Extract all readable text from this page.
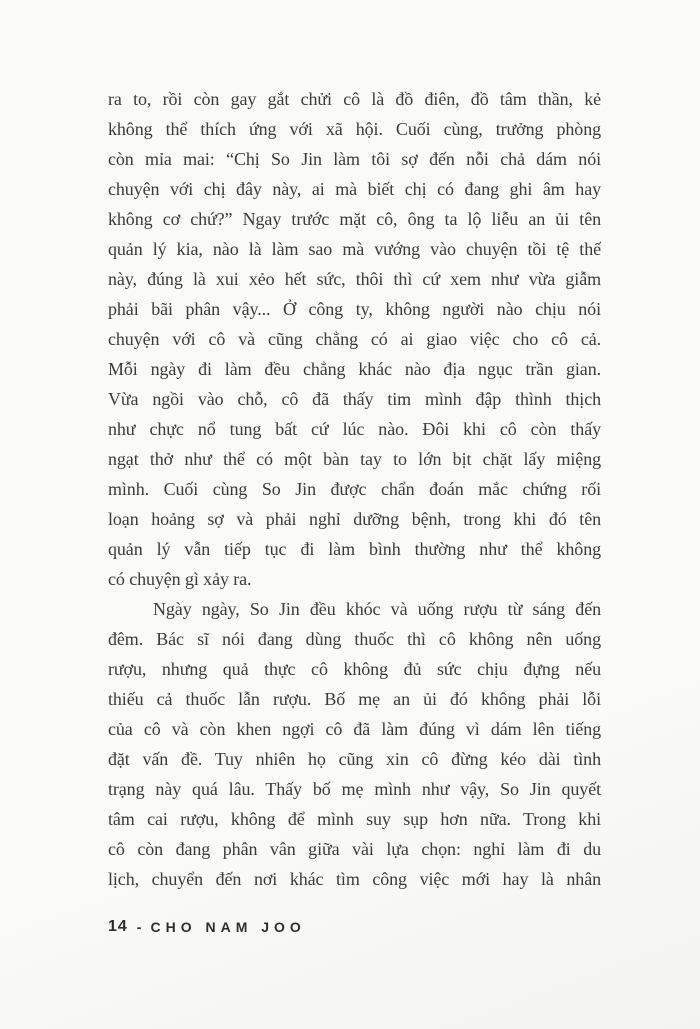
ra to, rồi còn gay gắt chửi cô là đồ điên, đồ tâm thần, kẻ
không thể thích ứng với xã hội. Cuối cùng, trưởng phòng
còn mỉa mai: “Chị So Jin làm tôi sợ đến nỗi chả dám nói
chuyện với chị đây này, ai mà biết chị có đang ghi âm hay
không cơ chứ?” Ngay trước mặt cô, ông ta lộ liễu an ủi tên
quản lý kia, nào là làm sao mà vướng vào chuyện tồi tệ thế
này, đúng là xui xẻo hết sức, thôi thì cứ xem như vừa giẫm
phải bãi phân vậy... Ở công ty, không người nào chịu nói
chuyện với cô và cũng chẳng có ai giao việc cho cô cả.
Mỗi ngày đi làm đều chẳng khác nào địa ngục trần gian.
Vừa ngồi vào chỗ, cô đã thấy tim mình đập thình thịch
như chực nổ tung bất cứ lúc nào. Đôi khi cô còn thấy
ngạt thở như thể có một bàn tay to lớn bịt chặt lấy miệng
mình. Cuối cùng So Jin được chẩn đoán mắc chứng rối
loạn hoảng sợ và phải nghỉ dưỡng bệnh, trong khi đó tên
quản lý vẫn tiếp tục đi làm bình thường như thể không
có chuyện gì xảy ra.
Ngày ngày, So Jin đều khóc và uống rượu từ sáng đến
đêm. Bác sĩ nói đang dùng thuốc thì cô không nên uống
rượu, nhưng quả thực cô không đủ sức chịu đựng nếu
thiếu cả thuốc lẫn rượu. Bố mẹ an ủi đó không phải lỗi
của cô và còn khen ngợi cô đã làm đúng vì dám lên tiếng
đặt vấn đề. Tuy nhiên họ cũng xin cô đừng kéo dài tình
trạng này quá lâu. Thấy bố mẹ mình như vậy, So Jin quyết
tâm cai rượu, không để mình suy sụp hơn nữa. Trong khi
cô còn đang phân vân giữa vài lựa chọn: nghỉ làm đi du
lịch, chuyển đến nơi khác tìm công việc mới hay là nhân
14 - CHO NAM JOO
